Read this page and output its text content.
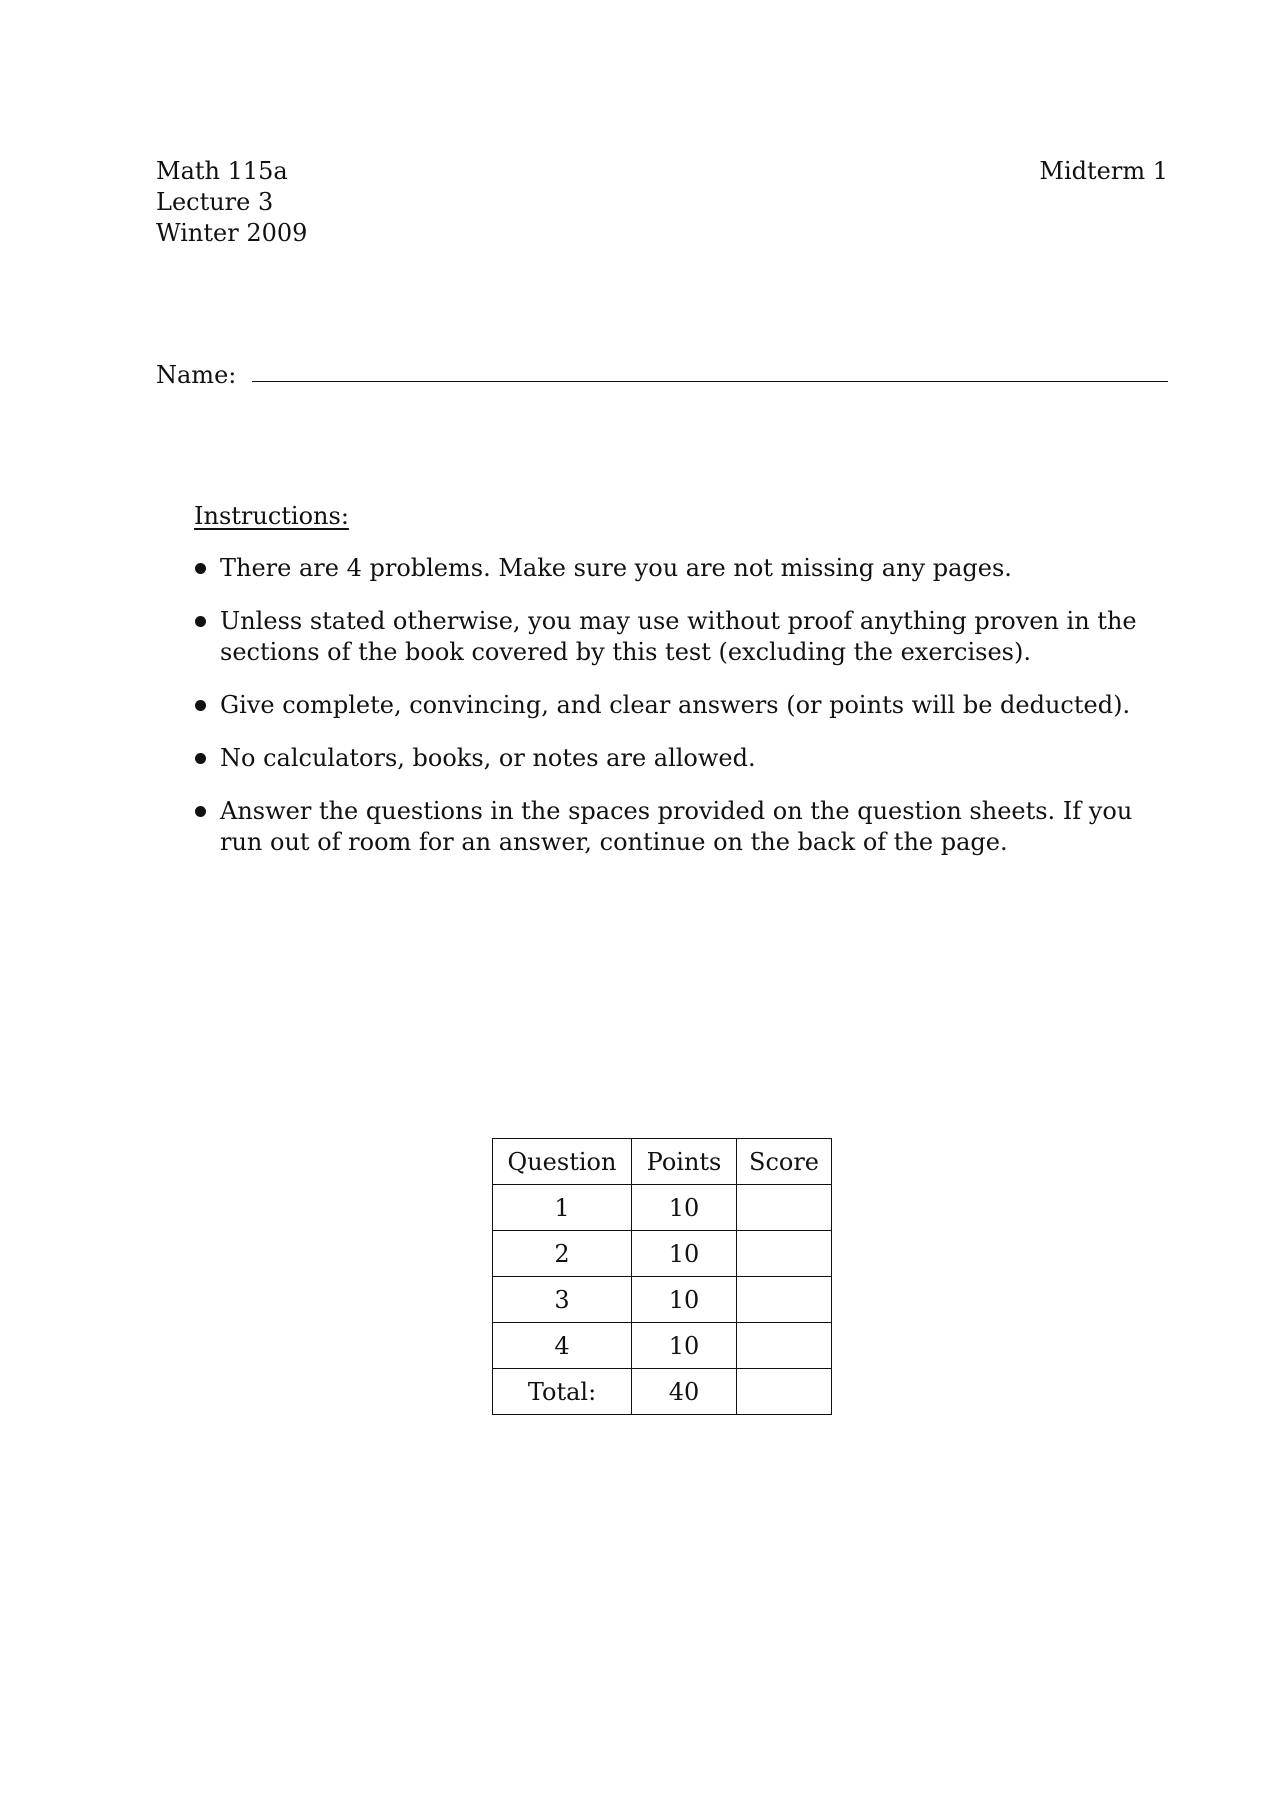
Math 115a
Lecture 3
Winter 2009
Midterm 1
Name:
Instructions:
There are 4 problems. Make sure you are not missing any pages.
Unless stated otherwise, you may use without proof anything proven in the sections of the book covered by this test (excluding the exercises).
Give complete, convincing, and clear answers (or points will be deducted).
No calculators, books, or notes are allowed.
Answer the questions in the spaces provided on the question sheets. If you run out of room for an answer, continue on the back of the page.
Question	Points	Score
1	10	
2	10	
3	10	
4	10	
Total:	40	
